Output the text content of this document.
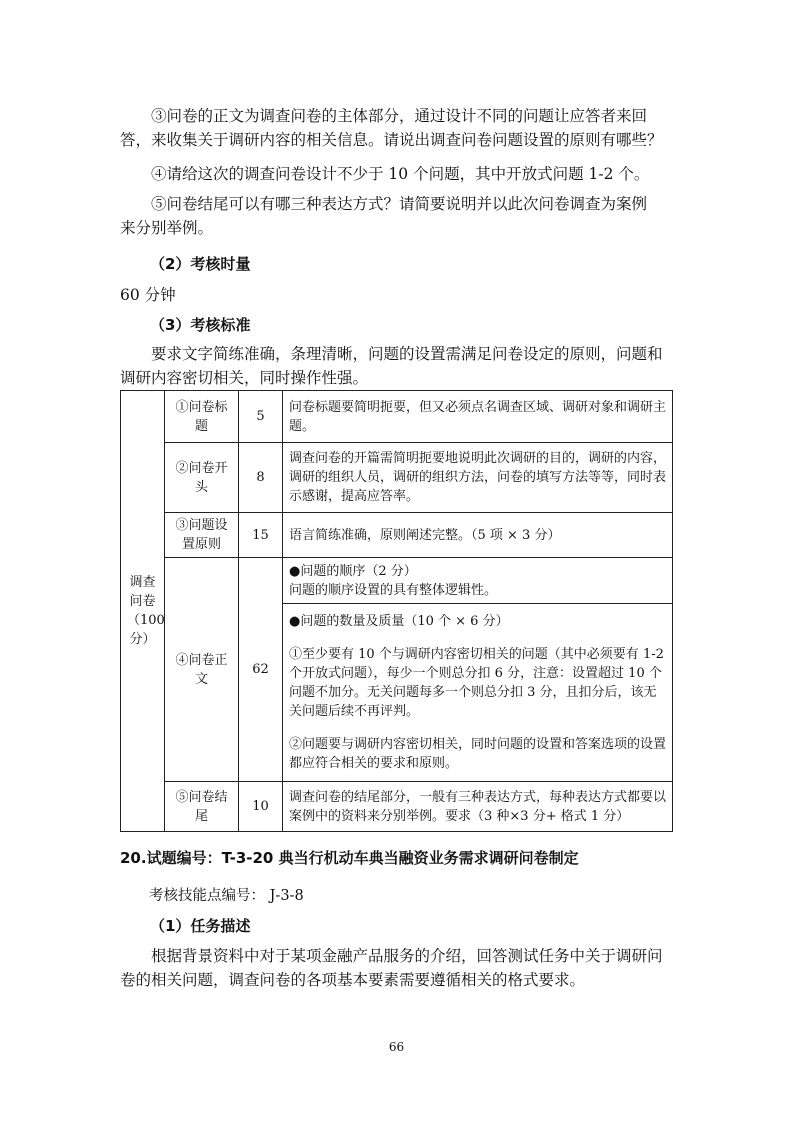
③问卷的正文为调查问卷的主体部分，通过设计不同的问题让应答者来回
答，来收集关于调研内容的相关信息。请说出调查问卷问题设置的原则有哪些？

④请给这次的调查问卷设计不少于 10 个问题，其中开放式问题 1-2 个。

⑤问卷结尾可以有哪三种表达方式？请简要说明并以此次问卷调查为案例
来分别举例。

（2）考核时量

60 分钟

（3）考核标准

要求文字简练准确，条理清晰，问题的设置需满足问卷设定的原则，问题和
调研内容密切相关，同时操作性强。

调查问卷（100分）	①问卷标题	5	问卷标题要简明扼要，但又必须点名调查区域、调研对象和调研主题。
	②问卷开头	8	调查问卷的开篇需简明扼要地说明此次调研的目的，调研的内容，调研的组织人员，调研的组织方法，问卷的填写方法等等，同时表示感谢，提高应答率。
	③问题设置原则	15	语言简练准确，原则阐述完整。（5 项 × 3 分）
	④问卷正文	62	●问题的顺序（2 分）
问题的顺序设置的具有整体逻辑性。

			●问题的数量及质量（10 个 × 6 分）
①至少要有 10 个与调研内容密切相关的问题（其中必须要有 1-2 个开放式问题），每少一个则总分扣 6 分，注意：设置超过 10 个问题不加分。无关问题每多一个则总分扣 3 分，且扣分后，该无关问题后续不再评判。
②问题要与调研内容密切相关，同时问题的设置和答案选项的设置都应符合相关的要求和原则。

	⑤问卷结尾	10	调查问卷的结尾部分，一般有三种表达方式，每种表达方式都要以案例中的资料来分别举例。要求（3 种×3 分+ 格式 1 分）

20.试题编号：T-3-20 典当行机动车典当融资业务需求调研问卷制定

考核技能点编号： J-3-8

（1）任务描述

根据背景资料中对于某项金融产品服务的介绍，回答测试任务中关于调研问
卷的相关问题，调查问卷的各项基本要素需要遵循相关的格式要求。

66
